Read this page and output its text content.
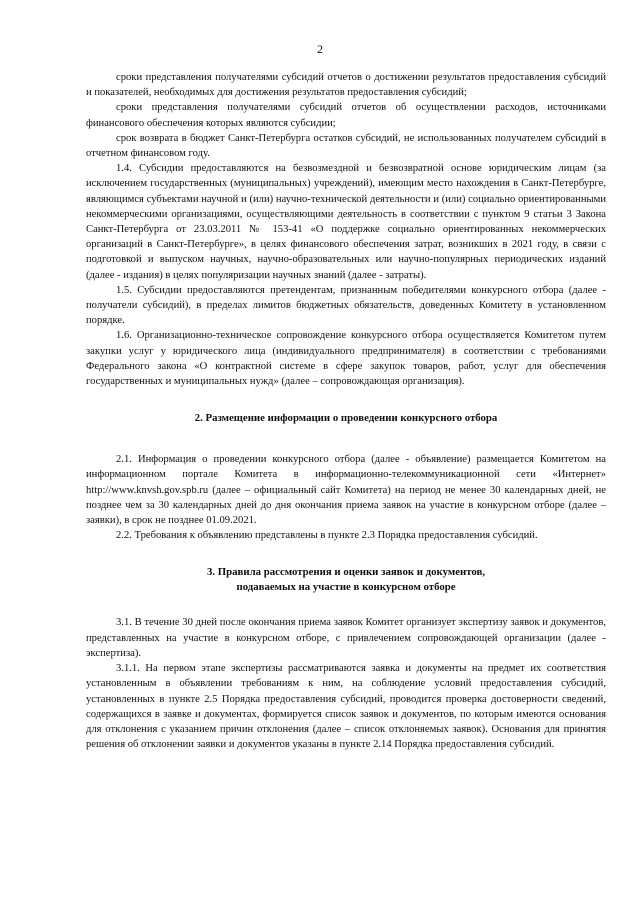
2

сроки представления получателями субсидий отчетов о достижении результатов предоставления субсидий и показателей, необходимых для достижения результатов предоставления субсидий;

сроки представления получателями субсидий отчетов об осуществлении расходов, источниками финансового обеспечения которых являются субсидии;

срок возврата в бюджет Санкт-Петербурга остатков субсидий, не использованных получателем субсидий в отчетном финансовом году.

1.4. Субсидии предоставляются на безвозмездной и безвозвратной основе юридическим лицам (за исключением государственных (муниципальных) учреждений), имеющим место нахождения в Санкт-Петербурге, являющимся субъектами научной и (или) научно-технической деятельности и (или) социально ориентированными некоммерческими организациями, осуществляющими деятельность в соответствии с пунктом 9 статьи 3 Закона Санкт-Петербурга от 23.03.2011 № 153-41 «О поддержке социально ориентированных некоммерческих организаций в Санкт-Петербурге», в целях финансового обеспечения затрат, возникших в 2021 году, в связи с подготовкой и выпуском научных, научно-образовательных или научно-популярных периодических изданий (далее - издания) в целях популяризации научных знаний (далее - затраты).

1.5. Субсидии предоставляются претендентам, признанным победителями конкурсного отбора (далее - получатели субсидий), в пределах лимитов бюджетных обязательств, доведенных Комитету в установленном порядке.

1.6. Организационно-техническое сопровождение конкурсного отбора осуществляется Комитетом путем закупки услуг у юридического лица (индивидуального предпринимателя) в соответствии с требованиями Федерального закона «О контрактной системе в сфере закупок товаров, работ, услуг для обеспечения государственных и муниципальных нужд» (далее – сопровождающая организация).

2. Размещение информации о проведении конкурсного отбора

2.1. Информация о проведении конкурсного отбора (далее - объявление) размещается Комитетом на информационном портале Комитета в информационно-телекоммуникационной сети «Интернет» http://www.knvsh.gov.spb.ru (далее – официальный сайт Комитета) на период не менее 30 календарных дней, не позднее чем за 30 календарных дней до дня окончания приема заявок на участие в конкурсном отборе (далее – заявки), в срок не позднее 01.09.2021.

2.2. Требования к объявлению представлены в пункте 2.3 Порядка предоставления субсидий.

3. Правила рассмотрения и оценки заявок и документов,
подаваемых на участие в конкурсном отборе

3.1. В течение 30 дней после окончания приема заявок Комитет организует экспертизу заявок и документов, представленных на участие в конкурсном отборе, с привлечением сопровождающей организации (далее - экспертиза).

3.1.1. На первом этапе экспертизы рассматриваются заявка и документы на предмет их соответствия установленным в объявлении требованиям к ним, на соблюдение условий предоставления субсидий, установленных в пункте 2.5 Порядка предоставления субсидий, проводится проверка достоверности сведений, содержащихся в заявке и документах, формируется список заявок и документов, по которым имеются основания для отклонения с указанием причин отклонения (далее – список отклоняемых заявок). Основания для принятия решения об отклонении заявки и документов указаны в пункте 2.14 Порядка предоставления субсидий.
